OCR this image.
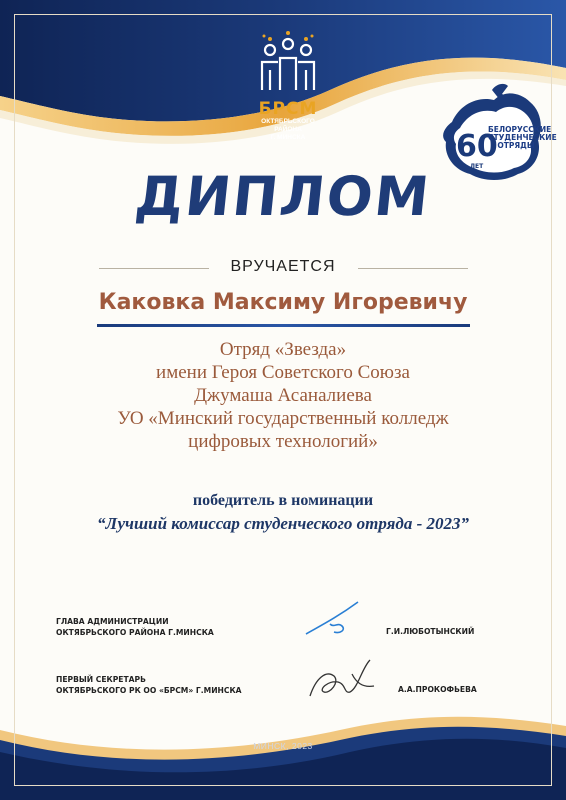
БРСМ
ОКТЯБРЬСКОГО РАЙОНА
Г. МИНСКА	60
ЛЕТ
БЕЛОРУССКИЕ
СТУДЕНЧЕСКИЕ
ОТРЯДЫ
ДИПЛОМ
ВРУЧАЕТСЯ
Каковка Максиму Игоревичу
Отряд «Звезда»
имени Героя Советского Союза
Джумаша Асаналиева
УО «Минский государственный колледж
цифровых технологий»
победитель в номинации
“Лучший комиссар студенческого отряда - 2023”
ГЛАВА АДМИНИСТРАЦИИ
ОКТЯБРЬСКОГО РАЙОНА Г.МИНСКА	Г.И.ЛЮБОТЫНСКИЙ
ПЕРВЫЙ СЕКРЕТАРЬ
ОКТЯБРЬСКОГО РК ОО «БРСМ» Г.МИНСКА	А.А.ПРОКОФЬЕВА
МИНСК, 2023
